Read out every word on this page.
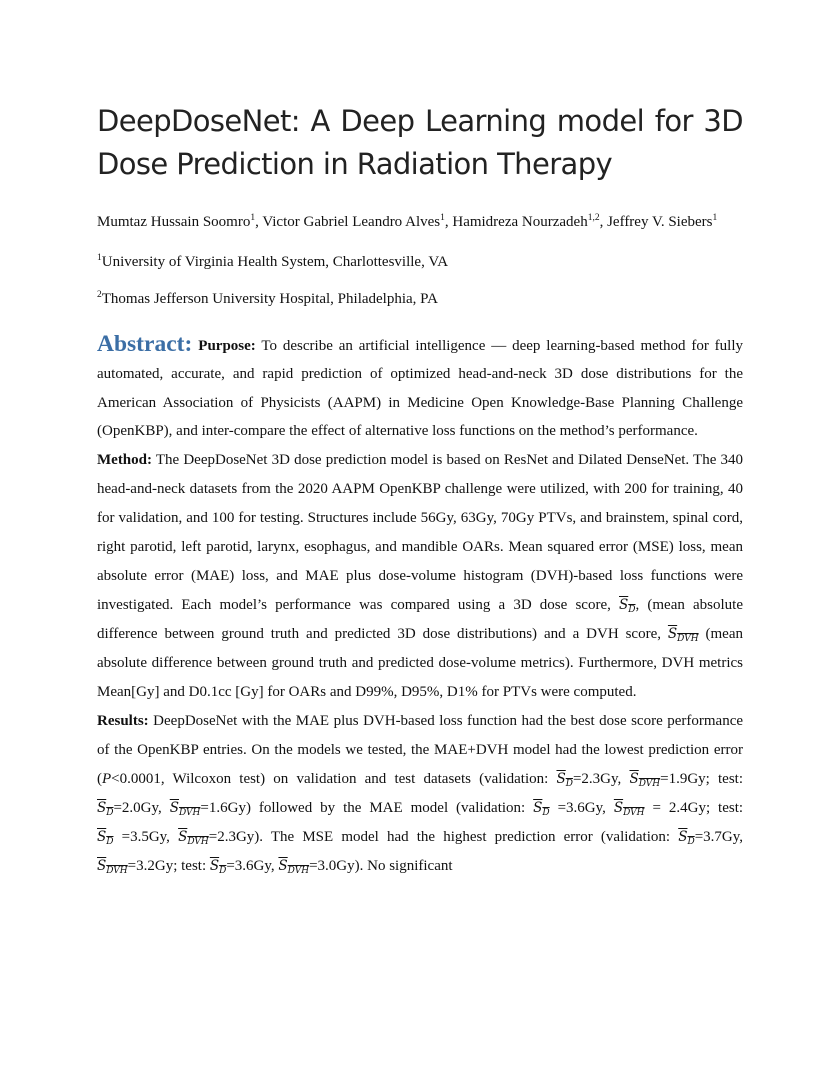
DeepDoseNet: A Deep Learning model for 3D Dose Prediction in Radiation Therapy

Mumtaz Hussain Soomro$^1$, Victor Gabriel Leandro Alves$^1$, Hamidreza Nourzadeh$^{1,2}$, Jeffrey V. Siebers$^1$

$^1$University of Virginia Health System, Charlottesville, VA

$^2$Thomas Jefferson University Hospital, Philadelphia, PA

Abstract: Purpose: To describe an artificial intelligence — deep learning-based method for fully automated, accurate, and rapid prediction of optimized head-and-neck 3D dose distributions for the American Association of Physicists (AAPM) in Medicine Open Knowledge-Base Planning Challenge (OpenKBP), and inter-compare the effect of alternative loss functions on the method’s performance.

Method: The DeepDoseNet 3D dose prediction model is based on ResNet and Dilated DenseNet. The 340 head-and-neck datasets from the 2020 AAPM OpenKBP challenge were utilized, with 200 for training, 40 for validation, and 100 for testing. Structures include 56Gy, 63Gy, 70Gy PTVs, and brainstem, spinal cord, right parotid, left parotid, larynx, esophagus, and mandible OARs. Mean squared error (MSE) loss, mean absolute error (MAE) loss, and MAE plus dose-volume histogram (DVH)-based loss functions were investigated. Each model’s performance was compared using a 3D dose score, $S_D$, (mean absolute difference between ground truth and predicted 3D dose distributions) and a DVH score, $S_{DVH}$ (mean absolute difference between ground truth and predicted dose-volume metrics). Furthermore, DVH metrics Mean[Gy] and D0.1cc [Gy] for OARs and D99%, D95%, D1% for PTVs were computed.

Results: DeepDoseNet with the MAE plus DVH-based loss function had the best dose score performance of the OpenKBP entries. On the models we tested, the MAE+DVH model had the lowest prediction error (P<0.0001, Wilcoxon test) on validation and test datasets (validation: $S_D=2.3Gy$, $S_{DVH}=1.9Gy$; test: $S_D=2.0Gy$, $S_{DVH}=1.6Gy$) followed by the MAE model (validation: $S_D =3.6Gy$, $S_{DVH} = 2.4Gy$; test: $S_D =3.5Gy$, $S_{DVH}=2.3Gy$). The MSE model had the highest prediction error (validation: $S_D=3.7Gy$, $S_{DVH}=3.2Gy$; test: $S_D=3.6Gy$, $S_{DVH}=3.0Gy$). No significant
